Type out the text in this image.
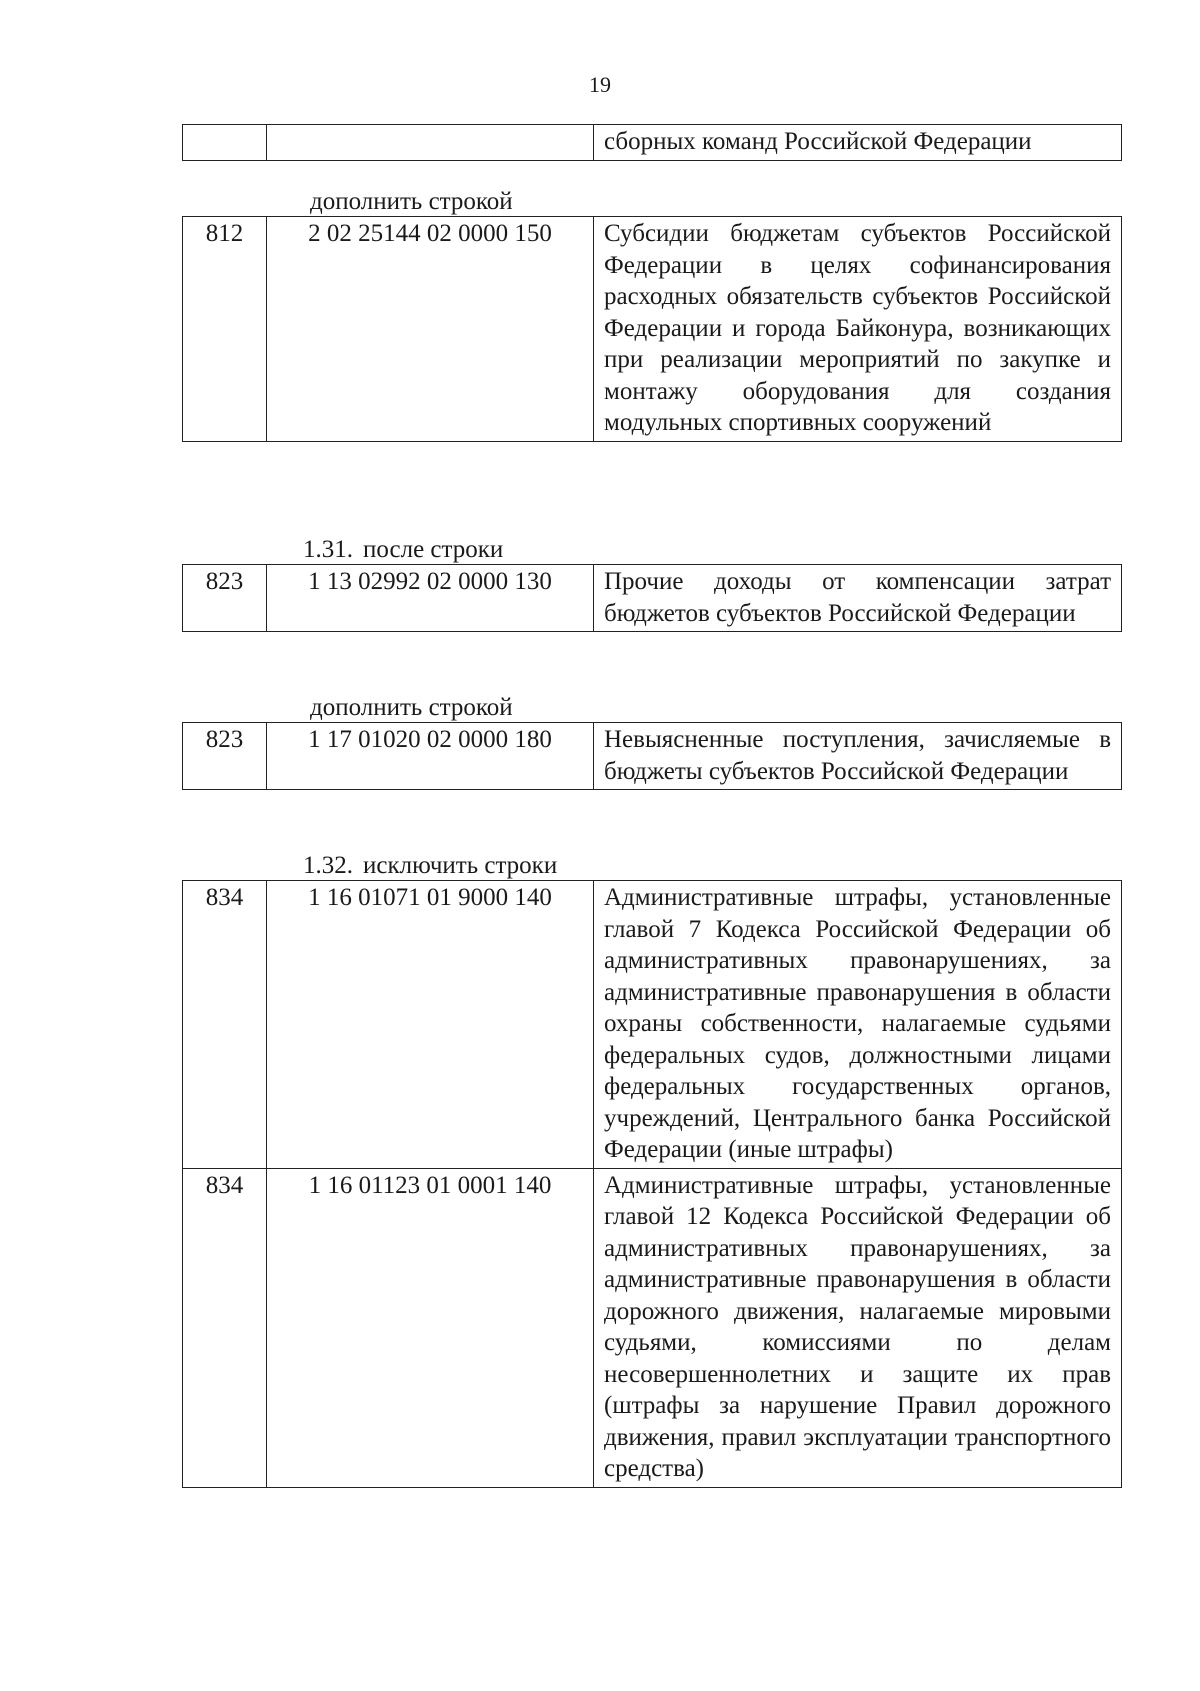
19
		сборных команд Российской Федерации
дополнить строкой
812	2 02 25144 02 0000 150	Субсидии бюджетам субъектов Российской Федерации в целях софинансирования расходных обязательств субъектов Российской Федерации и города Байконура, возникающих при реализации мероприятий по закупке и монтажу оборудования для создания модульных спортивных сооружений
1.31. после строки
823	1 13 02992 02 0000 130	Прочие доходы от компенсации затрат бюджетов субъектов Российской Федерации
дополнить строкой
823	1 17 01020 02 0000 180	Невыясненные поступления, зачисляемые в бюджеты субъектов Российской Федерации
1.32. исключить строки
834	1 16 01071 01 9000 140	Административные штрафы, установленные главой 7 Кодекса Российской Федерации об административных правонарушениях, за административные правонарушения в области охраны собственности, налагаемые судьями федеральных судов, должностными лицами федеральных государственных органов, учреждений, Центрального банка Российской Федерации (иные штрафы)
834	1 16 01123 01 0001 140	Административные штрафы, установленные главой 12 Кодекса Российской Федерации об административных правонарушениях, за административные правонарушения в области дорожного движения, налагаемые мировыми судьями, комиссиями по делам несовершеннолетних и защите их прав (штрафы за нарушение Правил дорожного движения, правил эксплуатации транспортного средства)
